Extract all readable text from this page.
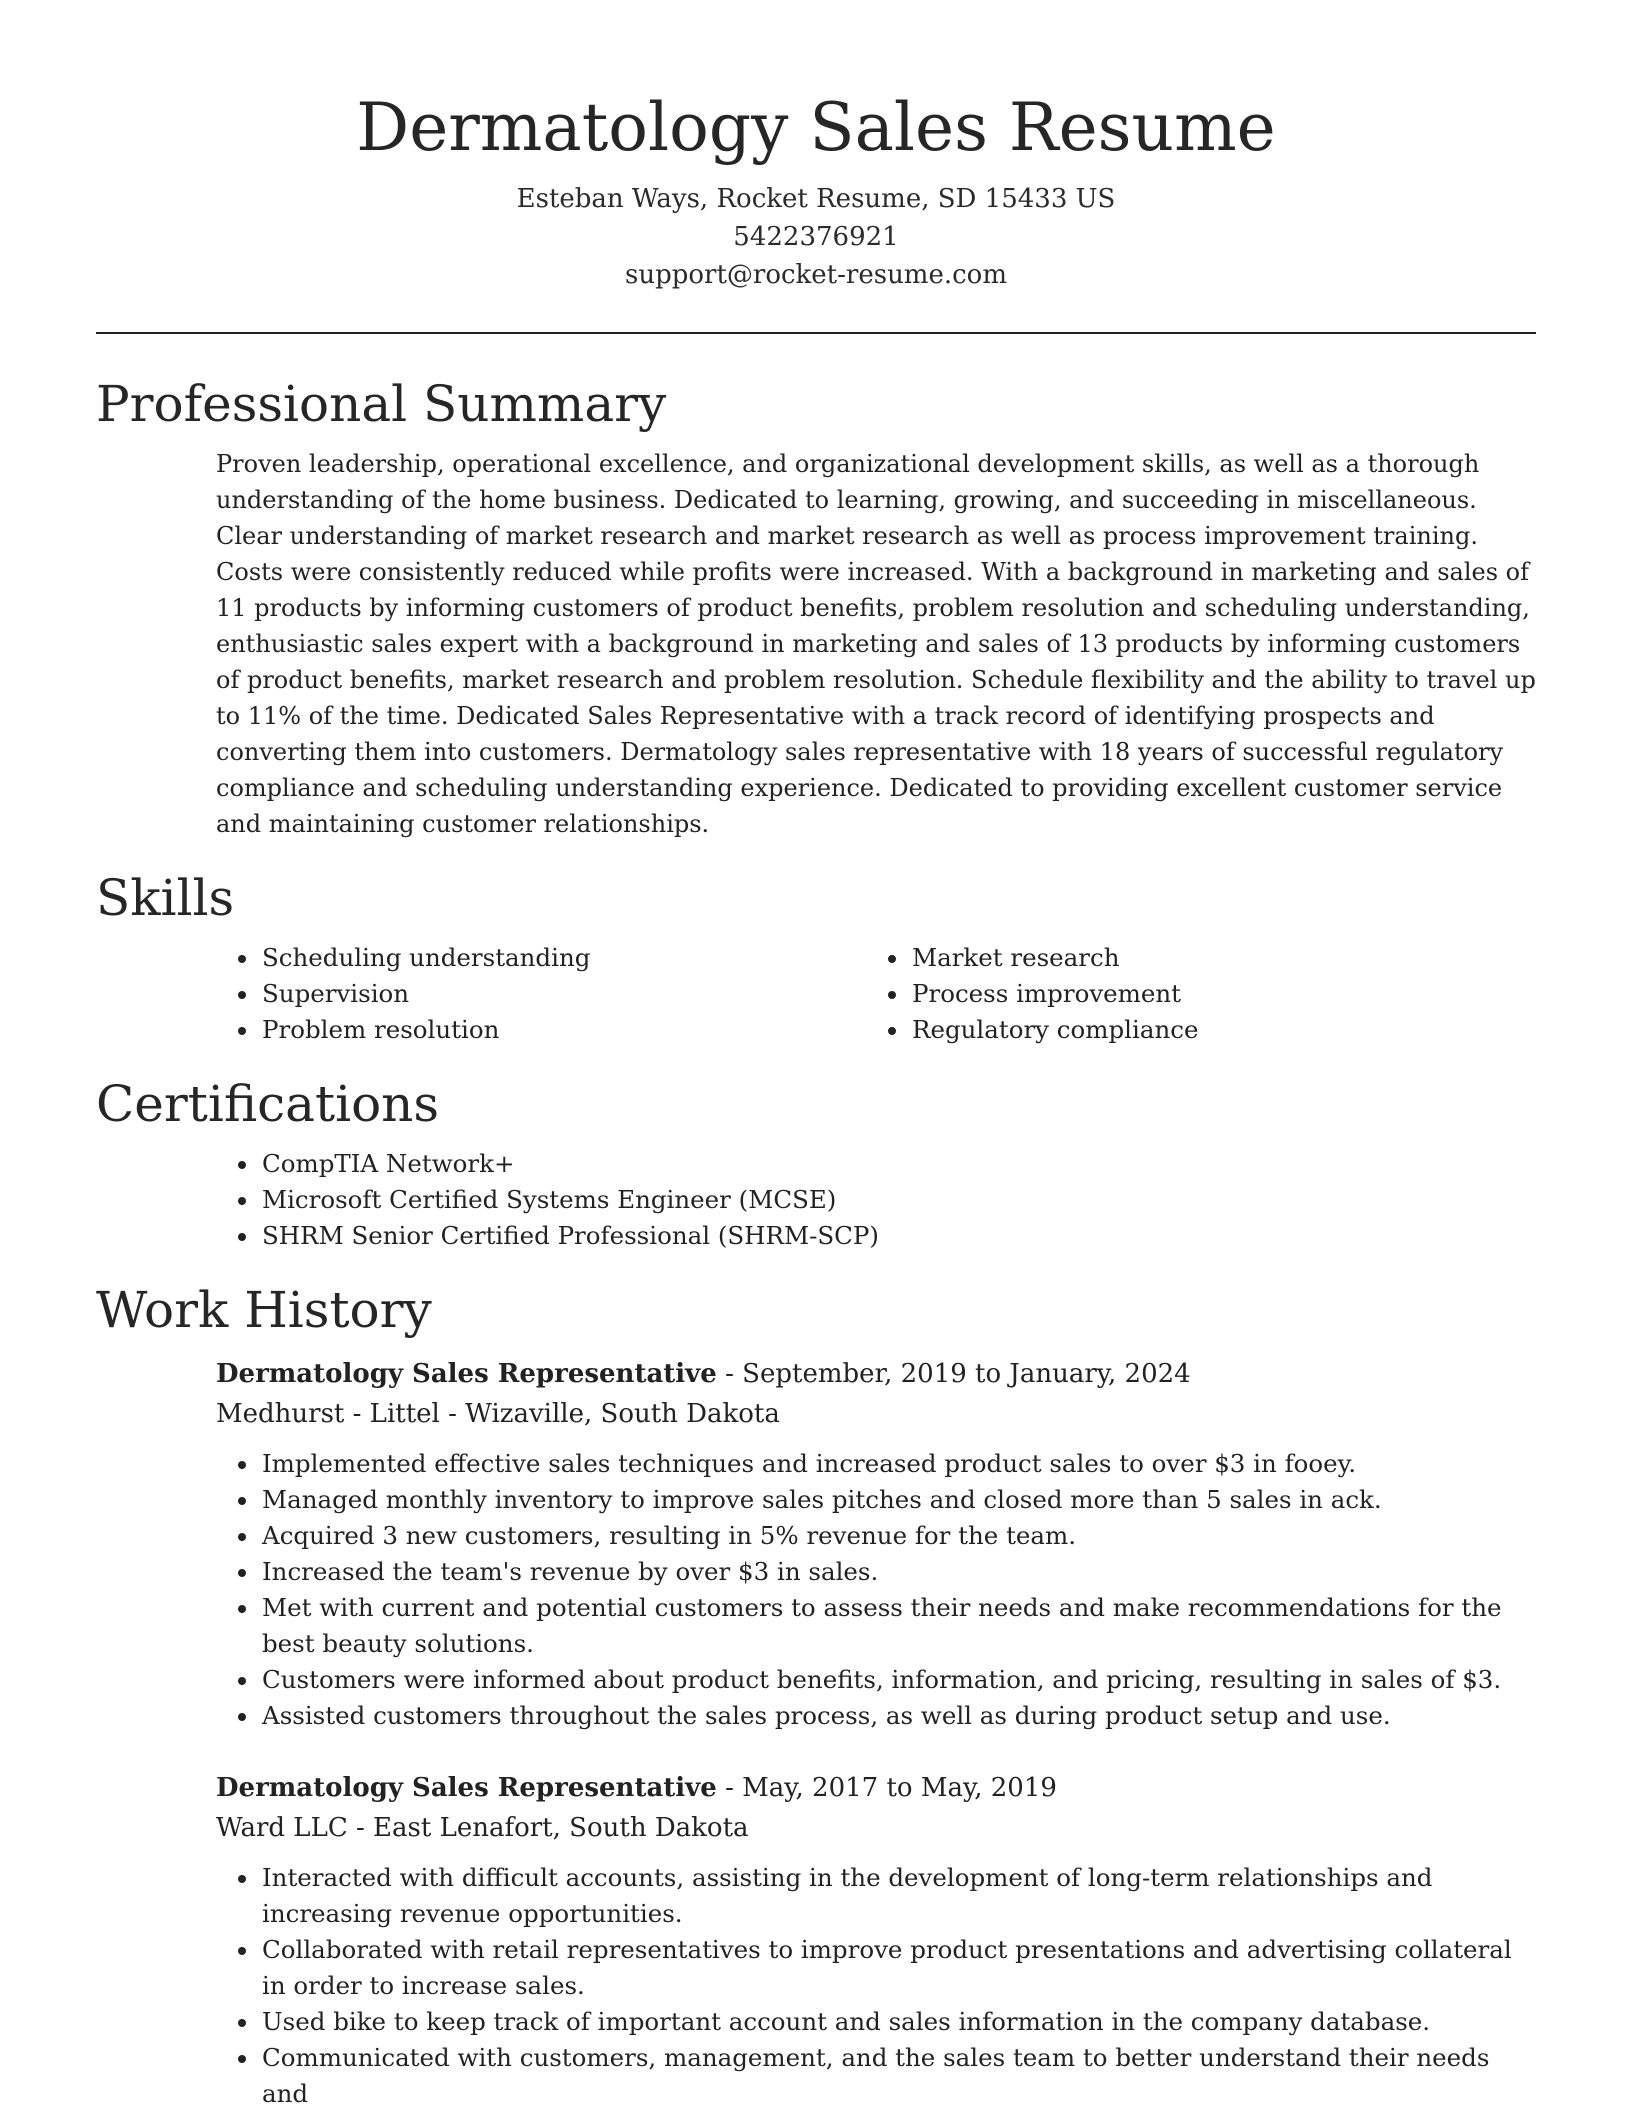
Dermatology Sales Resume
Esteban Ways, Rocket Resume, SD 15433 US
5422376921
support@rocket-resume.com
Professional Summary
Proven leadership, operational excellence, and organizational development skills, as well as a thorough understanding of the home business. Dedicated to learning, growing, and succeeding in miscellaneous. Clear understanding of market research and market research as well as process improvement training. Costs were consistently reduced while profits were increased. With a background in marketing and sales of 11 products by informing customers of product benefits, problem resolution and scheduling understanding, enthusiastic sales expert with a background in marketing and sales of 13 products by informing customers of product benefits, market research and problem resolution. Schedule flexibility and the ability to travel up to 11% of the time. Dedicated Sales Representative with a track record of identifying prospects and converting them into customers. Dermatology sales representative with 18 years of successful regulatory compliance and scheduling understanding experience. Dedicated to providing excellent customer service and maintaining customer relationships.
Skills
• Scheduling understanding
• Supervision
• Problem resolution
• Market research
• Process improvement
• Regulatory compliance
Certifications
• CompTIA Network+
• Microsoft Certified Systems Engineer (MCSE)
• SHRM Senior Certified Professional (SHRM-SCP)
Work History
Dermatology Sales Representative - September, 2019 to January, 2024
Medhurst - Littel - Wizaville, South Dakota
• Implemented effective sales techniques and increased product sales to over $3 in fooey.
• Managed monthly inventory to improve sales pitches and closed more than 5 sales in ack.
• Acquired 3 new customers, resulting in 5% revenue for the team.
• Increased the team's revenue by over $3 in sales.
• Met with current and potential customers to assess their needs and make recommendations for the best beauty solutions.
• Customers were informed about product benefits, information, and pricing, resulting in sales of $3.
• Assisted customers throughout the sales process, as well as during product setup and use.
Dermatology Sales Representative - May, 2017 to May, 2019
Ward LLC - East Lenafort, South Dakota
• Interacted with difficult accounts, assisting in the development of long-term relationships and increasing revenue opportunities.
• Collaborated with retail representatives to improve product presentations and advertising collateral in order to increase sales.
• Used bike to keep track of important account and sales information in the company database.
• Communicated with customers, management, and the sales team to better understand their needs and
